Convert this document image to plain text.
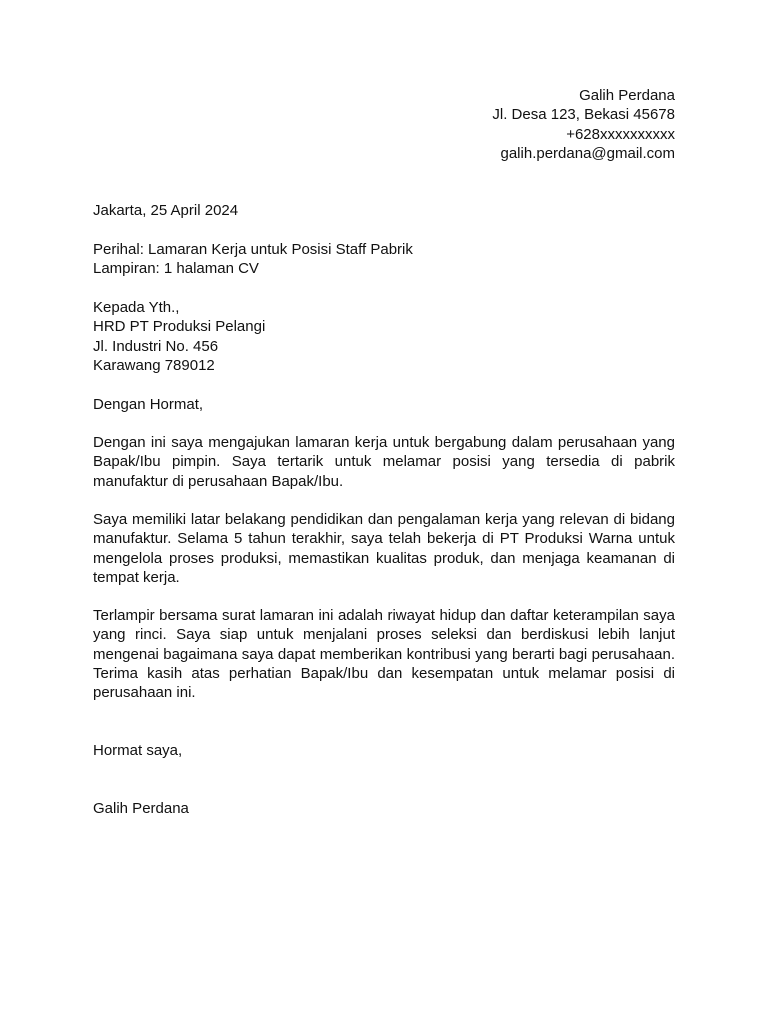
Galih Perdana
Jl. Desa 123, Bekasi 45678
+628xxxxxxxxxx
galih.perdana@gmail.com
Jakarta, 25 April 2024
Perihal: Lamaran Kerja untuk Posisi Staff Pabrik
Lampiran: 1 halaman CV
Kepada Yth.,
HRD PT Produksi Pelangi
Jl. Industri No. 456
Karawang 789012
Dengan Hormat,
Dengan ini saya mengajukan lamaran kerja untuk bergabung dalam perusahaan yang Bapak/Ibu pimpin. Saya tertarik untuk melamar posisi yang tersedia di pabrik manufaktur di perusahaan Bapak/Ibu.
Saya memiliki latar belakang pendidikan dan pengalaman kerja yang relevan di bidang manufaktur. Selama 5 tahun terakhir, saya telah bekerja di PT Produksi Warna untuk mengelola proses produksi, memastikan kualitas produk, dan menjaga keamanan di tempat kerja.
Terlampir bersama surat lamaran ini adalah riwayat hidup dan daftar keterampilan saya yang rinci. Saya siap untuk menjalani proses seleksi dan berdiskusi lebih lanjut mengenai bagaimana saya dapat memberikan kontribusi yang berarti bagi perusahaan. Terima kasih atas perhatian Bapak/Ibu dan kesempatan untuk melamar posisi di perusahaan ini.
Hormat saya,
Galih Perdana
